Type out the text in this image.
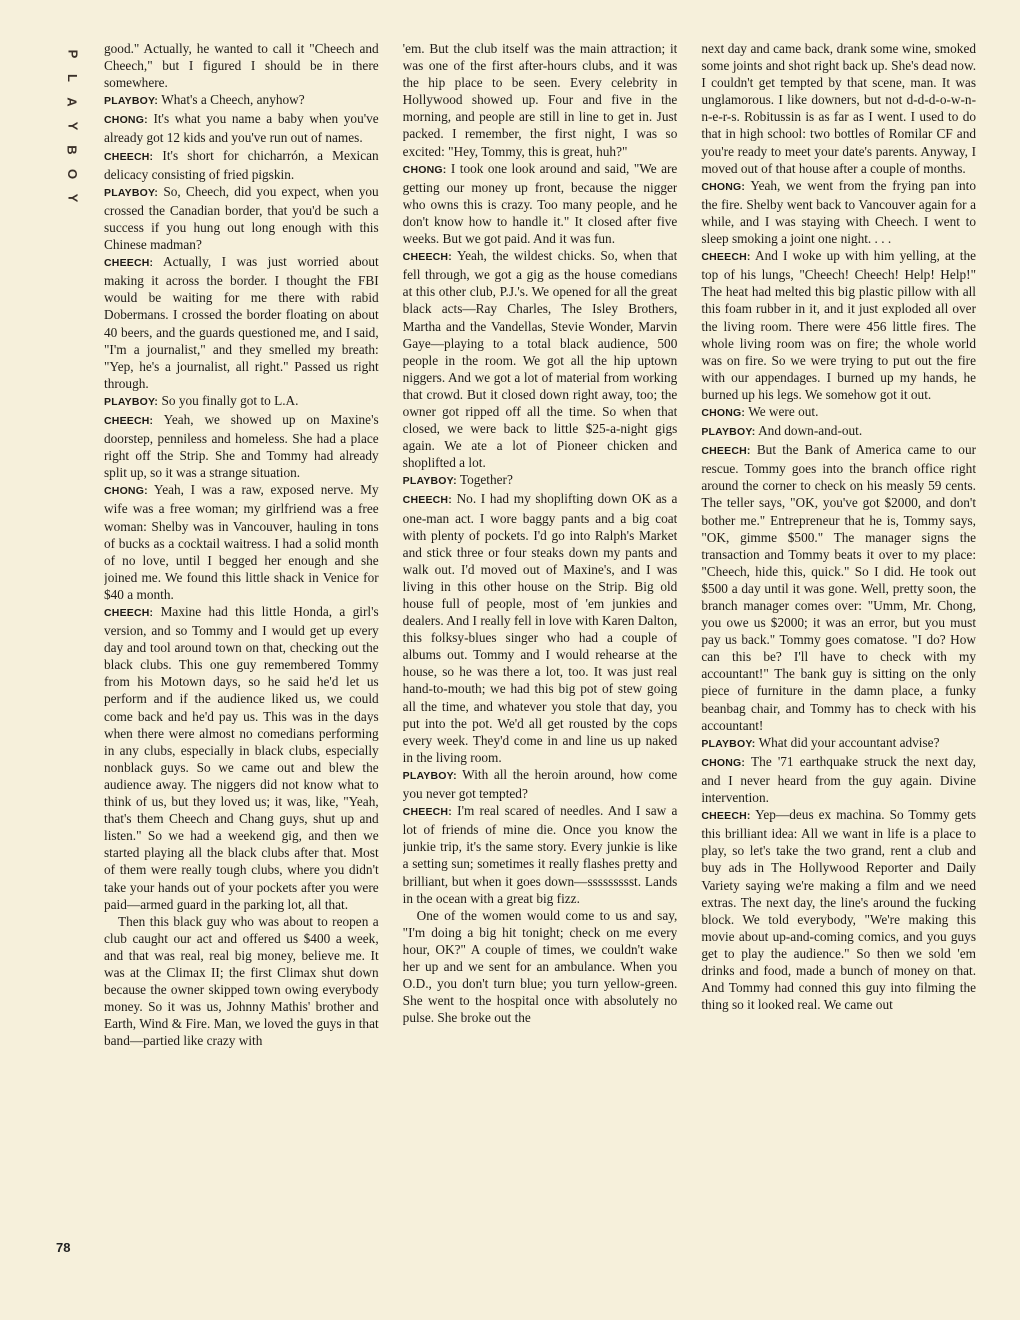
P
L
A
Y
B
O
Y

good." Actually, he wanted to call it "Cheech and Cheech," but I figured I should be in there somewhere.

PLAYBOY: What's a Cheech, anyhow?

CHONG: It's what you name a baby when you've already got 12 kids and you've run out of names.

CHEECH: It's short for chicharrón, a Mexican delicacy consisting of fried pigskin.

PLAYBOY: So, Cheech, did you expect, when you crossed the Canadian border, that you'd be such a success if you hung out long enough with this Chinese madman?

CHEECH: Actually, I was just worried about making it across the border. I thought the FBI would be waiting for me there with rabid Dobermans. I crossed the border floating on about 40 beers, and the guards questioned me, and I said, "I'm a journalist," and they smelled my breath: "Yep, he's a journalist, all right." Passed us right through.

PLAYBOY: So you finally got to L.A.

CHEECH: Yeah, we showed up on Maxine's doorstep, penniless and homeless. She had a place right off the Strip. She and Tommy had already split up, so it was a strange situation.

CHONG: Yeah, I was a raw, exposed nerve. My wife was a free woman; my girlfriend was a free woman: Shelby was in Vancouver, hauling in tons of bucks as a cocktail waitress. I had a solid month of no love, until I begged her enough and she joined me. We found this little shack in Venice for $40 a month.

CHEECH: Maxine had this little Honda, a girl's version, and so Tommy and I would get up every day and tool around town on that, checking out the black clubs. This one guy remembered Tommy from his Motown days, so he said he'd let us perform and if the audience liked us, we could come back and he'd pay us. This was in the days when there were almost no comedians performing in any clubs, especially in black clubs, especially nonblack guys. So we came out and blew the audience away. The niggers did not know what to think of us, but they loved us; it was, like, "Yeah, that's them Cheech and Chang guys, shut up and listen." So we had a weekend gig, and then we started playing all the black clubs after that. Most of them were really tough clubs, where you didn't take your hands out of your pockets after you were paid—armed guard in the parking lot, all that.

Then this black guy who was about to reopen a club caught our act and offered us $400 a week, and that was real, real big money, believe me. It was at the Climax II; the first Climax shut down because the owner skipped town owing everybody money. So it was us, Johnny Mathis' brother and Earth, Wind & Fire. Man, we loved the guys in that band—partied like crazy with

'em. But the club itself was the main attraction; it was one of the first after-hours clubs, and it was the hip place to be seen. Every celebrity in Hollywood showed up. Four and five in the morning, and people are still in line to get in. Just packed. I remember, the first night, I was so excited: "Hey, Tommy, this is great, huh?"

CHONG: I took one look around and said, "We are getting our money up front, because the nigger who owns this is crazy. Too many people, and he don't know how to handle it." It closed after five weeks. But we got paid. And it was fun.

CHEECH: Yeah, the wildest chicks. So, when that fell through, we got a gig as the house comedians at this other club, P.J.'s. We opened for all the great black acts—Ray Charles, The Isley Brothers, Martha and the Vandellas, Stevie Wonder, Marvin Gaye—playing to a total black audience, 500 people in the room. We got all the hip uptown niggers. And we got a lot of material from working that crowd. But it closed down right away, too; the owner got ripped off all the time. So when that closed, we were back to little $25-a-night gigs again. We ate a lot of Pioneer chicken and shoplifted a lot.

PLAYBOY: Together?

CHEECH: No. I had my shoplifting down OK as a one-man act. I wore baggy pants and a big coat with plenty of pockets. I'd go into Ralph's Market and stick three or four steaks down my pants and walk out. I'd moved out of Maxine's, and I was living in this other house on the Strip. Big old house full of people, most of 'em junkies and dealers. And I really fell in love with Karen Dalton, this folksy-blues singer who had a couple of albums out. Tommy and I would rehearse at the house, so he was there a lot, too. It was just real hand-to-mouth; we had this big pot of stew going all the time, and whatever you stole that day, you put into the pot. We'd all get rousted by the cops every week. They'd come in and line us up naked in the living room.

PLAYBOY: With all the heroin around, how come you never got tempted?

CHEECH: I'm real scared of needles. And I saw a lot of friends of mine die. Once you know the junkie trip, it's the same story. Every junkie is like a setting sun; sometimes it really flashes pretty and brilliant, but when it goes down—ssssssssst. Lands in the ocean with a great big fizz.

One of the women would come to us and say, "I'm doing a big hit tonight; check on me every hour, OK?" A couple of times, we couldn't wake her up and we sent for an ambulance. When you O.D., you don't turn blue; you turn yellow-green. She went to the hospital once with absolutely no pulse. She broke out the

next day and came back, drank some wine, smoked some joints and shot right back up. She's dead now. I couldn't get tempted by that scene, man. It was unglamorous. I like downers, but not d-d-d-o-w-n-n-e-r-s. Robitussin is as far as I went. I used to do that in high school: two bottles of Romilar CF and you're ready to meet your date's parents. Anyway, I moved out of that house after a couple of months.

CHONG: Yeah, we went from the frying pan into the fire. Shelby went back to Vancouver again for a while, and I was staying with Cheech. I went to sleep smoking a joint one night. . . .

CHEECH: And I woke up with him yelling, at the top of his lungs, "Cheech! Cheech! Help! Help!" The heat had melted this big plastic pillow with all this foam rubber in it, and it just exploded all over the living room. There were 456 little fires. The whole living room was on fire; the whole world was on fire. So we were trying to put out the fire with our appendages. I burned up my hands, he burned up his legs. We somehow got it out.

CHONG: We were out.

PLAYBOY: And down-and-out.

CHEECH: But the Bank of America came to our rescue. Tommy goes into the branch office right around the corner to check on his measly 59 cents. The teller says, "OK, you've got $2000, and don't bother me." Entrepreneur that he is, Tommy says, "OK, gimme $500." The manager signs the transaction and Tommy beats it over to my place: "Cheech, hide this, quick." So I did. He took out $500 a day until it was gone. Well, pretty soon, the branch manager comes over: "Umm, Mr. Chong, you owe us $2000; it was an error, but you must pay us back." Tommy goes comatose. "I do? How can this be? I'll have to check with my accountant!" The bank guy is sitting on the only piece of furniture in the damn place, a funky beanbag chair, and Tommy has to check with his accountant!

PLAYBOY: What did your accountant advise?

CHONG: The '71 earthquake struck the next day, and I never heard from the guy again. Divine intervention.

CHEECH: Yep—deus ex machina. So Tommy gets this brilliant idea: All we want in life is a place to play, so let's take the two grand, rent a club and buy ads in The Hollywood Reporter and Daily Variety saying we're making a film and we need extras. The next day, the line's around the fucking block. We told everybody, "We're making this movie about up-and-coming comics, and you guys get to play the audience." So then we sold 'em drinks and food, made a bunch of money on that. And Tommy had conned this guy into filming the thing so it looked real. We came out

78
